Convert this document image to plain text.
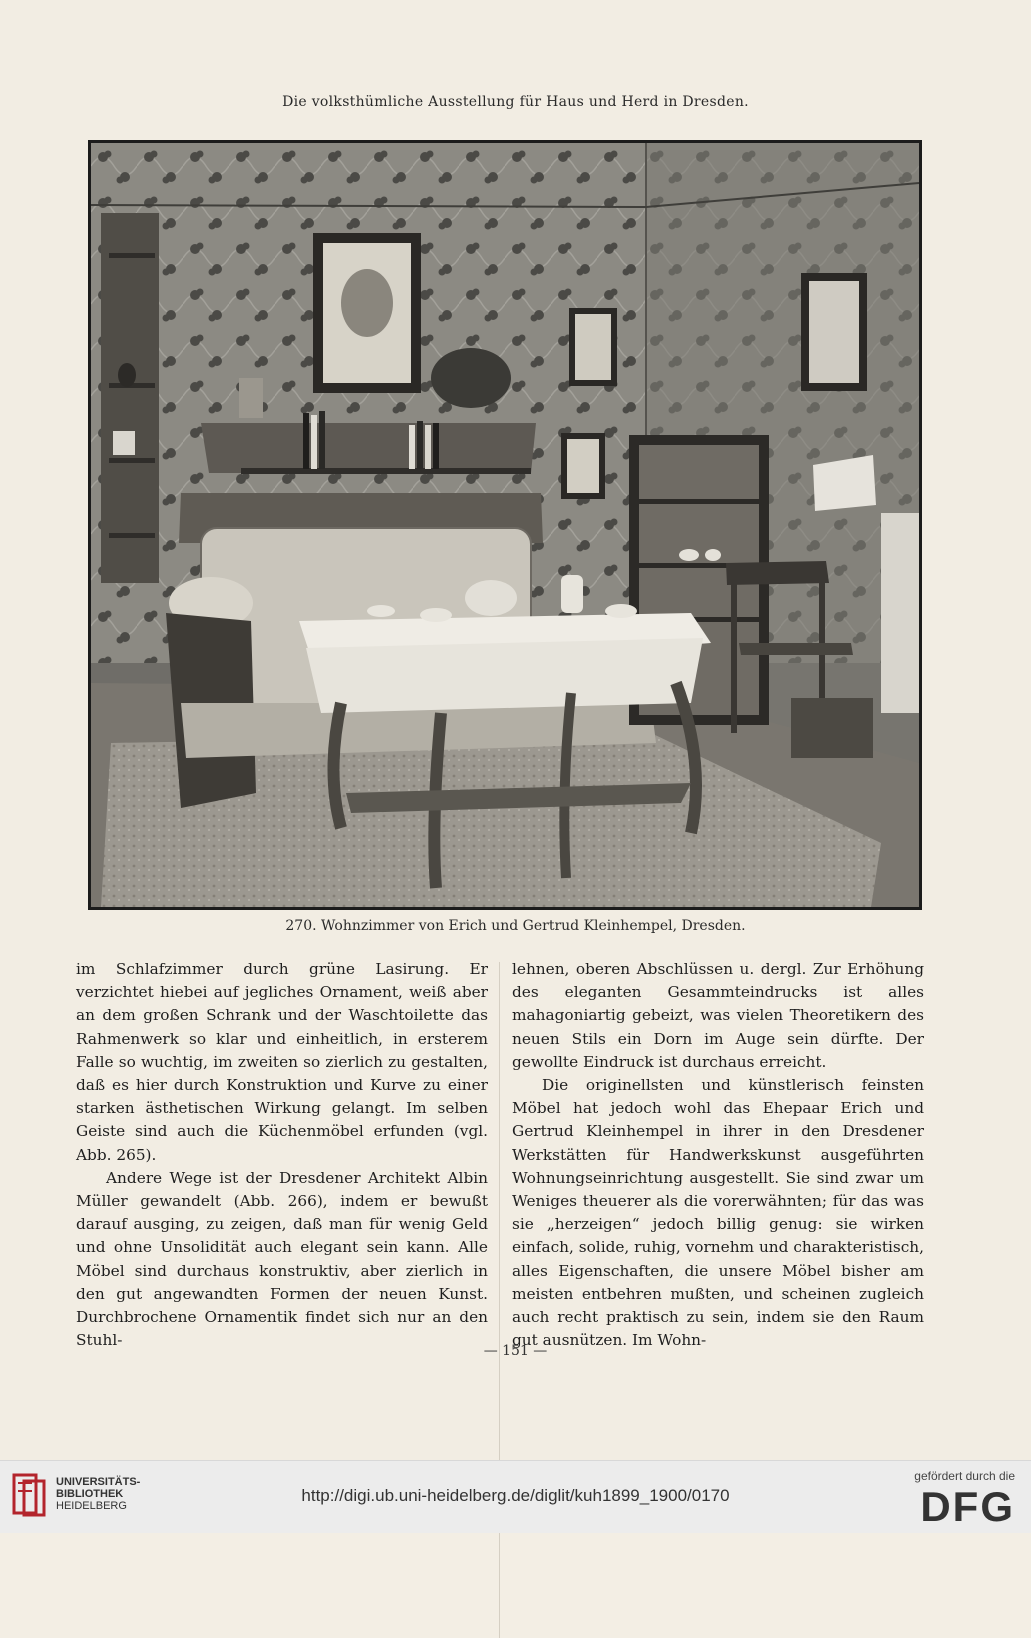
Die volksthümliche Ausstellung für Haus und Herd in Dresden.
270. Wohnzimmer von Erich und Gertrud Kleinhempel, Dresden.

im Schlafzimmer durch grüne Lasirung. Er verzichtet hiebei auf jegliches Ornament, weiß aber an dem großen Schrank und der Waschtoilette das Rahmenwerk so klar und einheitlich, in ersterem Falle so wuchtig, im zweiten so zierlich zu gestalten, daß es hier durch Konstruktion und Kurve zu einer starken ästhetischen Wirkung gelangt. Im selben Geiste sind auch die Küchenmöbel erfunden (vgl. Abb. 265).

Andere Wege ist der Dresdener Architekt Albin Müller gewandelt (Abb. 266), indem er bewußt darauf ausging, zu zeigen, daß man für wenig Geld und ohne Unsolidität auch elegant sein kann. Alle Möbel sind durchaus konstruktiv, aber zierlich in den gut angewandten Formen der neuen Kunst. Durchbrochene Ornamentik findet sich nur an den Stuhl-

lehnen, oberen Abschlüssen u. dergl. Zur Erhöhung des eleganten Gesammteindrucks ist alles mahagoniartig gebeizt, was vielen Theoretikern des neuen Stils ein Dorn im Auge sein dürfte. Der gewollte Eindruck ist durchaus erreicht.

Die originellsten und künstlerisch feinsten Möbel hat jedoch wohl das Ehepaar Erich und Gertrud Kleinhempel in ihrer in den Dresdener Werkstätten für Handwerkskunst ausgeführten Wohnungseinrichtung ausgestellt. Sie sind zwar um Weniges theuerer als die vorerwähnten; für das was sie „herzeigen“ jedoch billig genug: sie wirken einfach, solide, ruhig, vornehm und charakteristisch, alles Eigenschaften, die unsere Möbel bisher am meisten entbehren mußten, und scheinen zugleich auch recht praktisch zu sein, indem sie den Raum gut ausnützen. Im Wohn-

— 151 —
UNIVERSITÄTS-
BIBLIOTHEK
HEIDELBERG
http://digi.ub.uni-heidelberg.de/diglit/kuh1899_1900/0170
gefördert durch die
DFG
